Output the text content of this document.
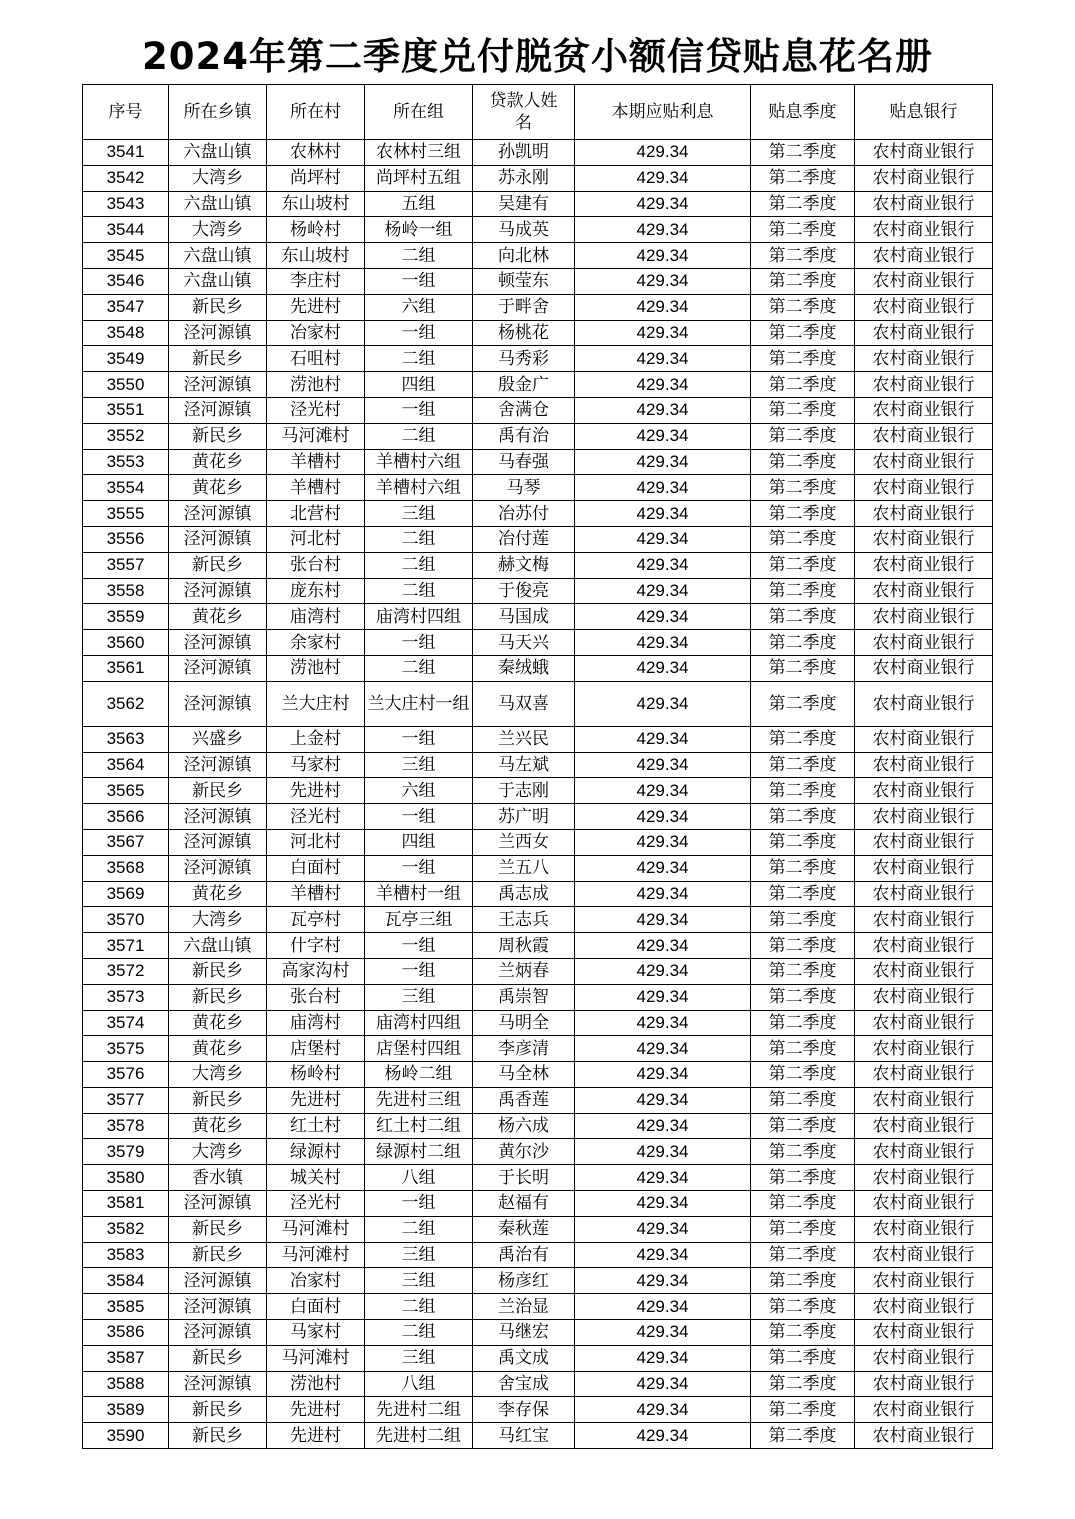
2024年第二季度兑付脱贫小额信贷贴息花名册
序号	所在乡镇	所在村	所在组	贷款人姓名	本期应贴利息	贴息季度	贴息银行
3541	六盘山镇	农林村	农林村三组	孙凯明	429.34	第二季度	农村商业银行
3542	大湾乡	尚坪村	尚坪村五组	苏永刚	429.34	第二季度	农村商业银行
3543	六盘山镇	东山坡村	五组	吴建有	429.34	第二季度	农村商业银行
3544	大湾乡	杨岭村	杨岭一组	马成英	429.34	第二季度	农村商业银行
3545	六盘山镇	东山坡村	二组	向北林	429.34	第二季度	农村商业银行
3546	六盘山镇	李庄村	一组	顿莹东	429.34	第二季度	农村商业银行
3547	新民乡	先进村	六组	于畔舍	429.34	第二季度	农村商业银行
3548	泾河源镇	冶家村	一组	杨桃花	429.34	第二季度	农村商业银行
3549	新民乡	石咀村	二组	马秀彩	429.34	第二季度	农村商业银行
3550	泾河源镇	涝池村	四组	殷金广	429.34	第二季度	农村商业银行
3551	泾河源镇	泾光村	一组	舍满仓	429.34	第二季度	农村商业银行
3552	新民乡	马河滩村	二组	禹有治	429.34	第二季度	农村商业银行
3553	黄花乡	羊槽村	羊槽村六组	马春强	429.34	第二季度	农村商业银行
3554	黄花乡	羊槽村	羊槽村六组	马琴	429.34	第二季度	农村商业银行
3555	泾河源镇	北营村	三组	冶苏付	429.34	第二季度	农村商业银行
3556	泾河源镇	河北村	二组	冶付莲	429.34	第二季度	农村商业银行
3557	新民乡	张台村	二组	赫文梅	429.34	第二季度	农村商业银行
3558	泾河源镇	庞东村	二组	于俊亮	429.34	第二季度	农村商业银行
3559	黄花乡	庙湾村	庙湾村四组	马国成	429.34	第二季度	农村商业银行
3560	泾河源镇	余家村	一组	马天兴	429.34	第二季度	农村商业银行
3561	泾河源镇	涝池村	二组	秦绒蛾	429.34	第二季度	农村商业银行
3562	泾河源镇	兰大庄村	兰大庄村一组	马双喜	429.34	第二季度	农村商业银行
3563	兴盛乡	上金村	一组	兰兴民	429.34	第二季度	农村商业银行
3564	泾河源镇	马家村	三组	马左斌	429.34	第二季度	农村商业银行
3565	新民乡	先进村	六组	于志刚	429.34	第二季度	农村商业银行
3566	泾河源镇	泾光村	一组	苏广明	429.34	第二季度	农村商业银行
3567	泾河源镇	河北村	四组	兰西女	429.34	第二季度	农村商业银行
3568	泾河源镇	白面村	一组	兰五八	429.34	第二季度	农村商业银行
3569	黄花乡	羊槽村	羊槽村一组	禹志成	429.34	第二季度	农村商业银行
3570	大湾乡	瓦亭村	瓦亭三组	王志兵	429.34	第二季度	农村商业银行
3571	六盘山镇	什字村	一组	周秋霞	429.34	第二季度	农村商业银行
3572	新民乡	高家沟村	一组	兰炳春	429.34	第二季度	农村商业银行
3573	新民乡	张台村	三组	禹崇智	429.34	第二季度	农村商业银行
3574	黄花乡	庙湾村	庙湾村四组	马明全	429.34	第二季度	农村商业银行
3575	黄花乡	店堡村	店堡村四组	李彦清	429.34	第二季度	农村商业银行
3576	大湾乡	杨岭村	杨岭二组	马全林	429.34	第二季度	农村商业银行
3577	新民乡	先进村	先进村三组	禹香莲	429.34	第二季度	农村商业银行
3578	黄花乡	红土村	红土村二组	杨六成	429.34	第二季度	农村商业银行
3579	大湾乡	绿源村	绿源村二组	黄尔沙	429.34	第二季度	农村商业银行
3580	香水镇	城关村	八组	于长明	429.34	第二季度	农村商业银行
3581	泾河源镇	泾光村	一组	赵福有	429.34	第二季度	农村商业银行
3582	新民乡	马河滩村	二组	秦秋莲	429.34	第二季度	农村商业银行
3583	新民乡	马河滩村	三组	禹治有	429.34	第二季度	农村商业银行
3584	泾河源镇	冶家村	三组	杨彦红	429.34	第二季度	农村商业银行
3585	泾河源镇	白面村	二组	兰治显	429.34	第二季度	农村商业银行
3586	泾河源镇	马家村	二组	马继宏	429.34	第二季度	农村商业银行
3587	新民乡	马河滩村	三组	禹文成	429.34	第二季度	农村商业银行
3588	泾河源镇	涝池村	八组	舍宝成	429.34	第二季度	农村商业银行
3589	新民乡	先进村	先进村二组	李存保	429.34	第二季度	农村商业银行
3590	新民乡	先进村	先进村二组	马红宝	429.34	第二季度	农村商业银行
